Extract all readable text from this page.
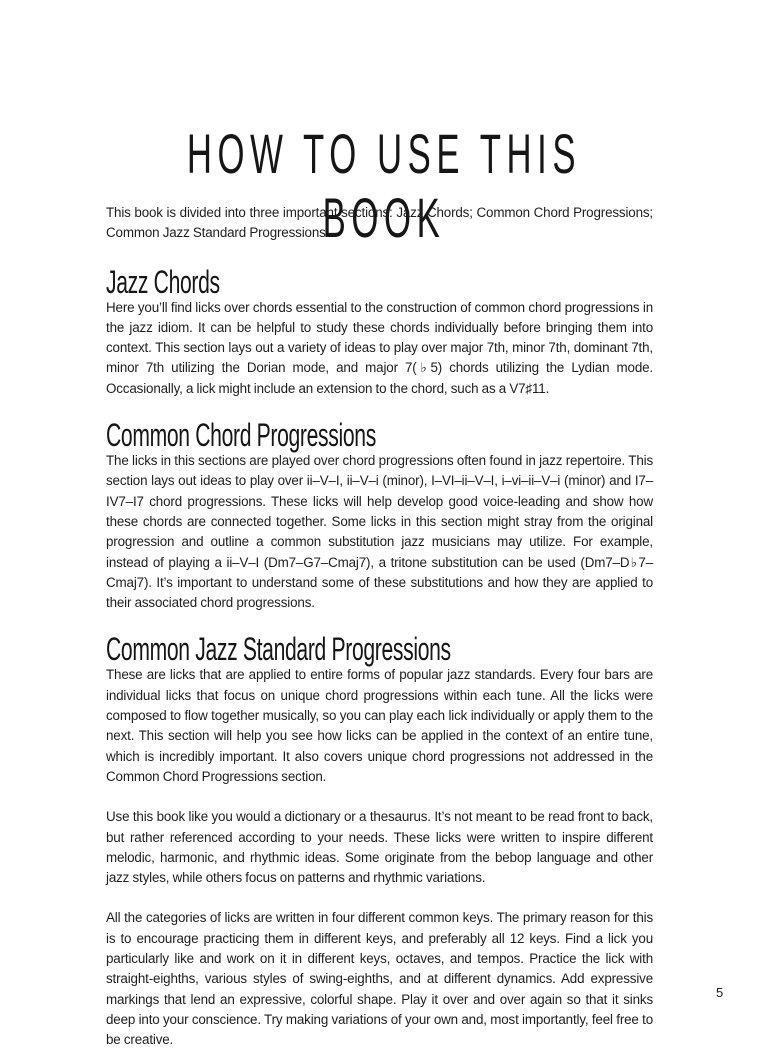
HOW TO USE THIS BOOK

This book is divided into three important sections: Jazz Chords; Common Chord Progressions; Common Jazz Standard Progressions.

Jazz Chords

Here you’ll find licks over chords essential to the construction of common chord progressions in the jazz idiom. It can be helpful to study these chords individually before bringing them into context. This section lays out a variety of ideas to play over major 7th, minor 7th, dominant 7th, minor 7th utilizing the Dorian mode, and major 7(♭5) chords utilizing the Lydian mode. Occasionally, a lick might include an extension to the chord, such as a V7♯11.

Common Chord Progressions

The licks in this sections are played over chord progressions often found in jazz repertoire. This section lays out ideas to play over ii–V–I, ii–V–i (minor), I–VI–ii–V–I, i–vi–ii–V–i (minor) and I7–IV7–I7 chord progressions. These licks will help develop good voice-leading and show how these chords are connected together. Some licks in this section might stray from the original progression and outline a common substitution jazz musicians may utilize. For example, instead of playing a ii–V–I (Dm7–G7–Cmaj7), a tritone substitution can be used (Dm7–D♭7–Cmaj7). It’s important to understand some of these substitutions and how they are applied to their associated chord progressions.

Common Jazz Standard Progressions

These are licks that are applied to entire forms of popular jazz standards. Every four bars are individual licks that focus on unique chord progressions within each tune. All the licks were composed to flow together musically, so you can play each lick individually or apply them to the next. This section will help you see how licks can be applied in the context of an entire tune, which is incredibly important. It also covers unique chord progressions not addressed in the Common Chord Progressions section.

Use this book like you would a dictionary or a thesaurus. It’s not meant to be read front to back, but rather referenced according to your needs. These licks were written to inspire different melodic, harmonic, and rhythmic ideas. Some originate from the bebop language and other jazz styles, while others focus on patterns and rhythmic variations.

All the categories of licks are written in four different common keys. The primary reason for this is to encourage practicing them in different keys, and preferably all 12 keys. Find a lick you particularly like and work on it in different keys, octaves, and tempos. Practice the lick with straight-eighths, various styles of swing-eighths, and at different dynamics. Add expressive markings that lend an expressive, colorful shape. Play it over and over again so that it sinks deep into your conscience. Try making variations of your own and, most importantly, feel free to be creative.

5
